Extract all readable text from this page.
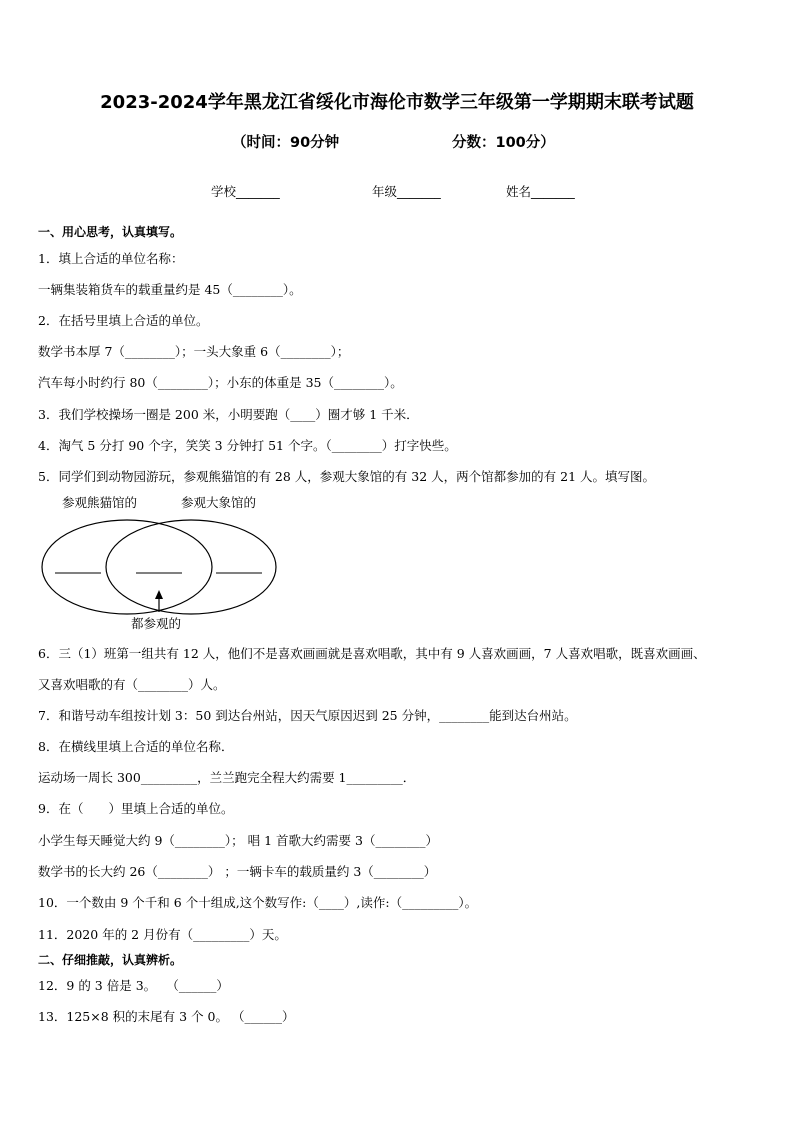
2023-2024学年黑龙江省绥化市海伦市数学三年级第一学期期末联考试题
（时间：90分钟	分数：100分）
学校_______	年级_______	姓名_______
一、用心思考，认真填写。
1．填上合适的单位名称：
一辆集装箱货车的载重量约是 45（________）。
2．在括号里填上合适的单位。
数学书本厚 7（________）；一头大象重 6（________）；
汽车每小时约行 80（________）；小东的体重是 35（________）。
3．我们学校操场一圈是 200 米，小明要跑（____）圈才够 1 千米．
4．淘气 5 分打 90 个字，笑笑 3 分钟打 51 个字。（________）打字快些。
5．同学们到动物园游玩，参观熊猫馆的有 28 人，参观大象馆的有 32 人，两个馆都参加的有 21 人。填写图。
参观熊猫馆的	参观大象馆的
都参观的
6．三（1）班第一组共有 12 人，他们不是喜欢画画就是喜欢唱歌，其中有 9 人喜欢画画，7 人喜欢唱歌，既喜欢画画、
又喜欢唱歌的有（________）人。
7．和谐号动车组按计划 3：50 到达台州站，因天气原因迟到 25 分钟，________能到达台州站。
8．在横线里填上合适的单位名称．
运动场一周长 300_________，兰兰跑完全程大约需要 1_________．
9．在（　　）里填上合适的单位。
小学生每天睡觉大约 9（________）； 唱 1 首歌大约需要 3（________）
数学书的长大约 26（________） ；一辆卡车的载质量约 3（________）
10．一个数由 9 个千和 6 个十组成,这个数写作:（____）,读作:（_________）。
11．2020 年的 2 月份有（_________）天。
二、仔细推敲，认真辨析。
12．9 的 3 倍是 3。　 （______）
13．125×8 积的末尾有 3 个 0。 （______）
